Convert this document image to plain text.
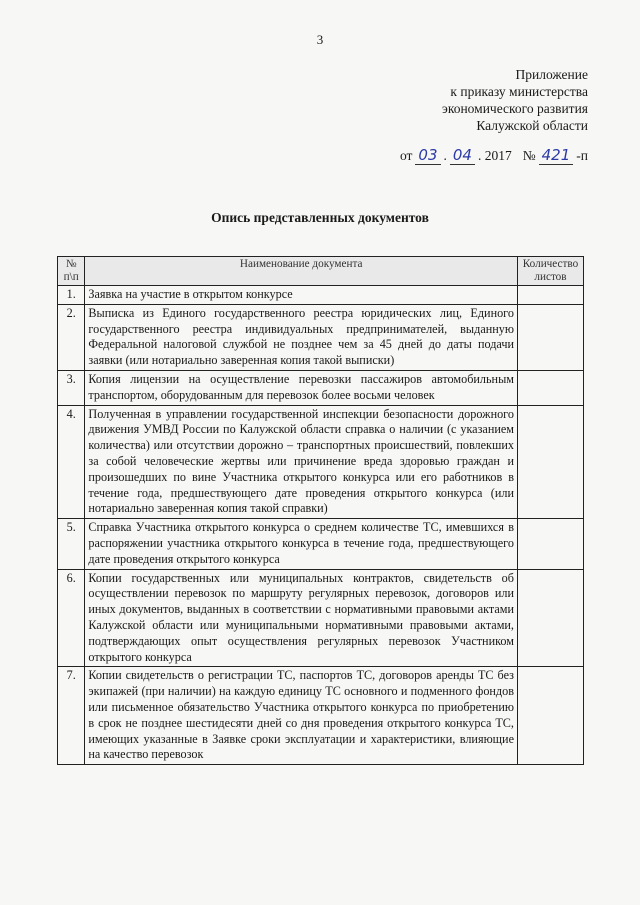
3
Приложение
к приказу министерства
экономического развития
Калужской области
от 03 . 04 . 2017 № 421 -п
Опись представленных документов
№ п\п	Наименование документа	Количество листов
1.	Заявка на участие в открытом конкурсе	
2.	Выписка из Единого государственного реестра юридических лиц, Единого государственного реестра индивидуальных предпринимателей, выданную Федеральной налоговой службой не позднее чем за 45 дней до даты подачи заявки (или нотариально заверенная копия такой выписки)	
3.	Копия лицензии на осуществление перевозки пассажиров автомобильным транспортом, оборудованным для перевозок более восьми человек	
4.	Полученная в управлении государственной инспекции безопасности дорожного движения УМВД России по Калужской области справка о наличии (с указанием количества) или отсутствии дорожно – транспортных происшествий, повлекших за собой человеческие жертвы или причинение вреда здоровью граждан и произошедших по вине Участника открытого конкурса или его работников в течение года, предшествующего дате проведения открытого конкурса (или нотариально заверенная копия такой справки)	
5.	Справка Участника открытого конкурса о среднем количестве ТС, имевшихся в распоряжении участника открытого конкурса в течение года, предшествующего дате проведения открытого конкурса	
6.	Копии государственных или муниципальных контрактов, свидетельств об осуществлении перевозок по маршруту регулярных перевозок, договоров или иных документов, выданных в соответствии с нормативными правовыми актами Калужской области или муниципальными нормативными правовыми актами, подтверждающих опыт осуществления регулярных перевозок Участником открытого конкурса	
7.	Копии свидетельств о регистрации ТС, паспортов ТС, договоров аренды ТС без экипажей (при наличии) на каждую единицу ТС основного и подменного фондов или письменное обязательство Участника открытого конкурса по приобретению в срок не позднее шестидесяти дней со дня проведения открытого конкурса ТС, имеющих указанные в Заявке сроки эксплуатации и характеристики, влияющие на качество перевозок	
